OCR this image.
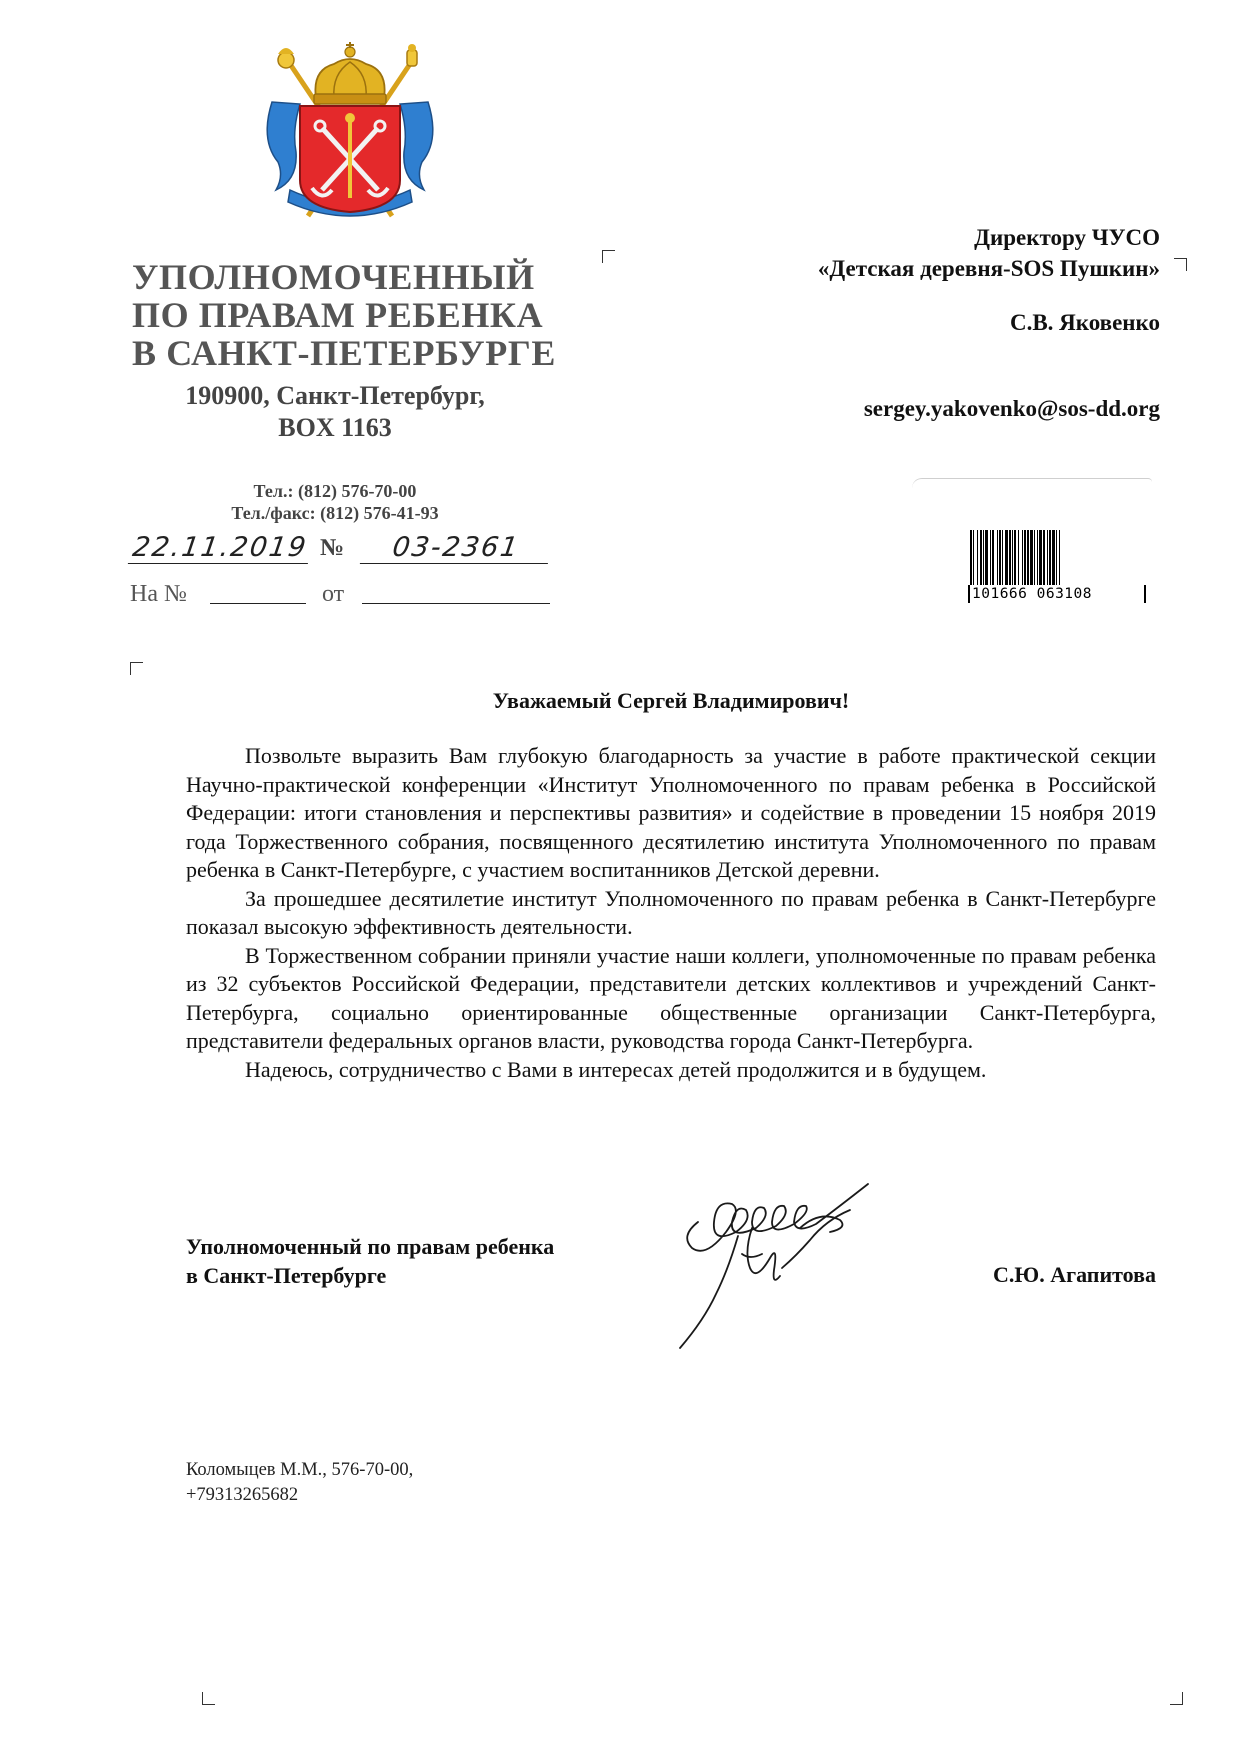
УПОЛНОМОЧЕННЫЙ
ПО ПРАВАМ РЕБЕНКА
В САНКТ-ПЕТЕРБУРГЕ
190900, Санкт-Петербург,
BOX 1163
Тел.: (812) 576-70-00
Тел./факс: (812) 576-41-93
22.11.2019 №	03-2361
На №	от
Директору ЧУСО
«Детская деревня-SOS Пушкин»
С.В. Яковенко
sergey.yakovenko@sos-dd.org
101666 063108
Уважаемый Сергей Владимирович!

Позвольте выразить Вам глубокую благодарность за участие в работе практической секции Научно-практической конференции «Институт Уполномоченного по правам ребенка в Российской Федерации: итоги становления и перспективы развития» и содействие в проведении 15 ноября 2019 года Торжественного собрания, посвященного десятилетию института Уполномоченного по правам ребенка в Санкт-Петербурге, с участием воспитанников Детской деревни.

За прошедшее десятилетие институт Уполномоченного по правам ребенка в Санкт-Петербурге показал высокую эффективность деятельности.

В Торжественном собрании приняли участие наши коллеги, уполномоченные по правам ребенка из 32 субъектов Российской Федерации, представители детских коллективов и учреждений Санкт-Петербурга, социально ориентированные общественные организации Санкт-Петербурга, представители федеральных органов власти, руководства города Санкт-Петербурга.

Надеюсь, сотрудничество с Вами в интересах детей продолжится и в будущем.

Уполномоченный по правам ребенка
в Санкт-Петербурге	С.Ю. Агапитова
Коломыцев М.М., 576-70-00,
+79313265682
